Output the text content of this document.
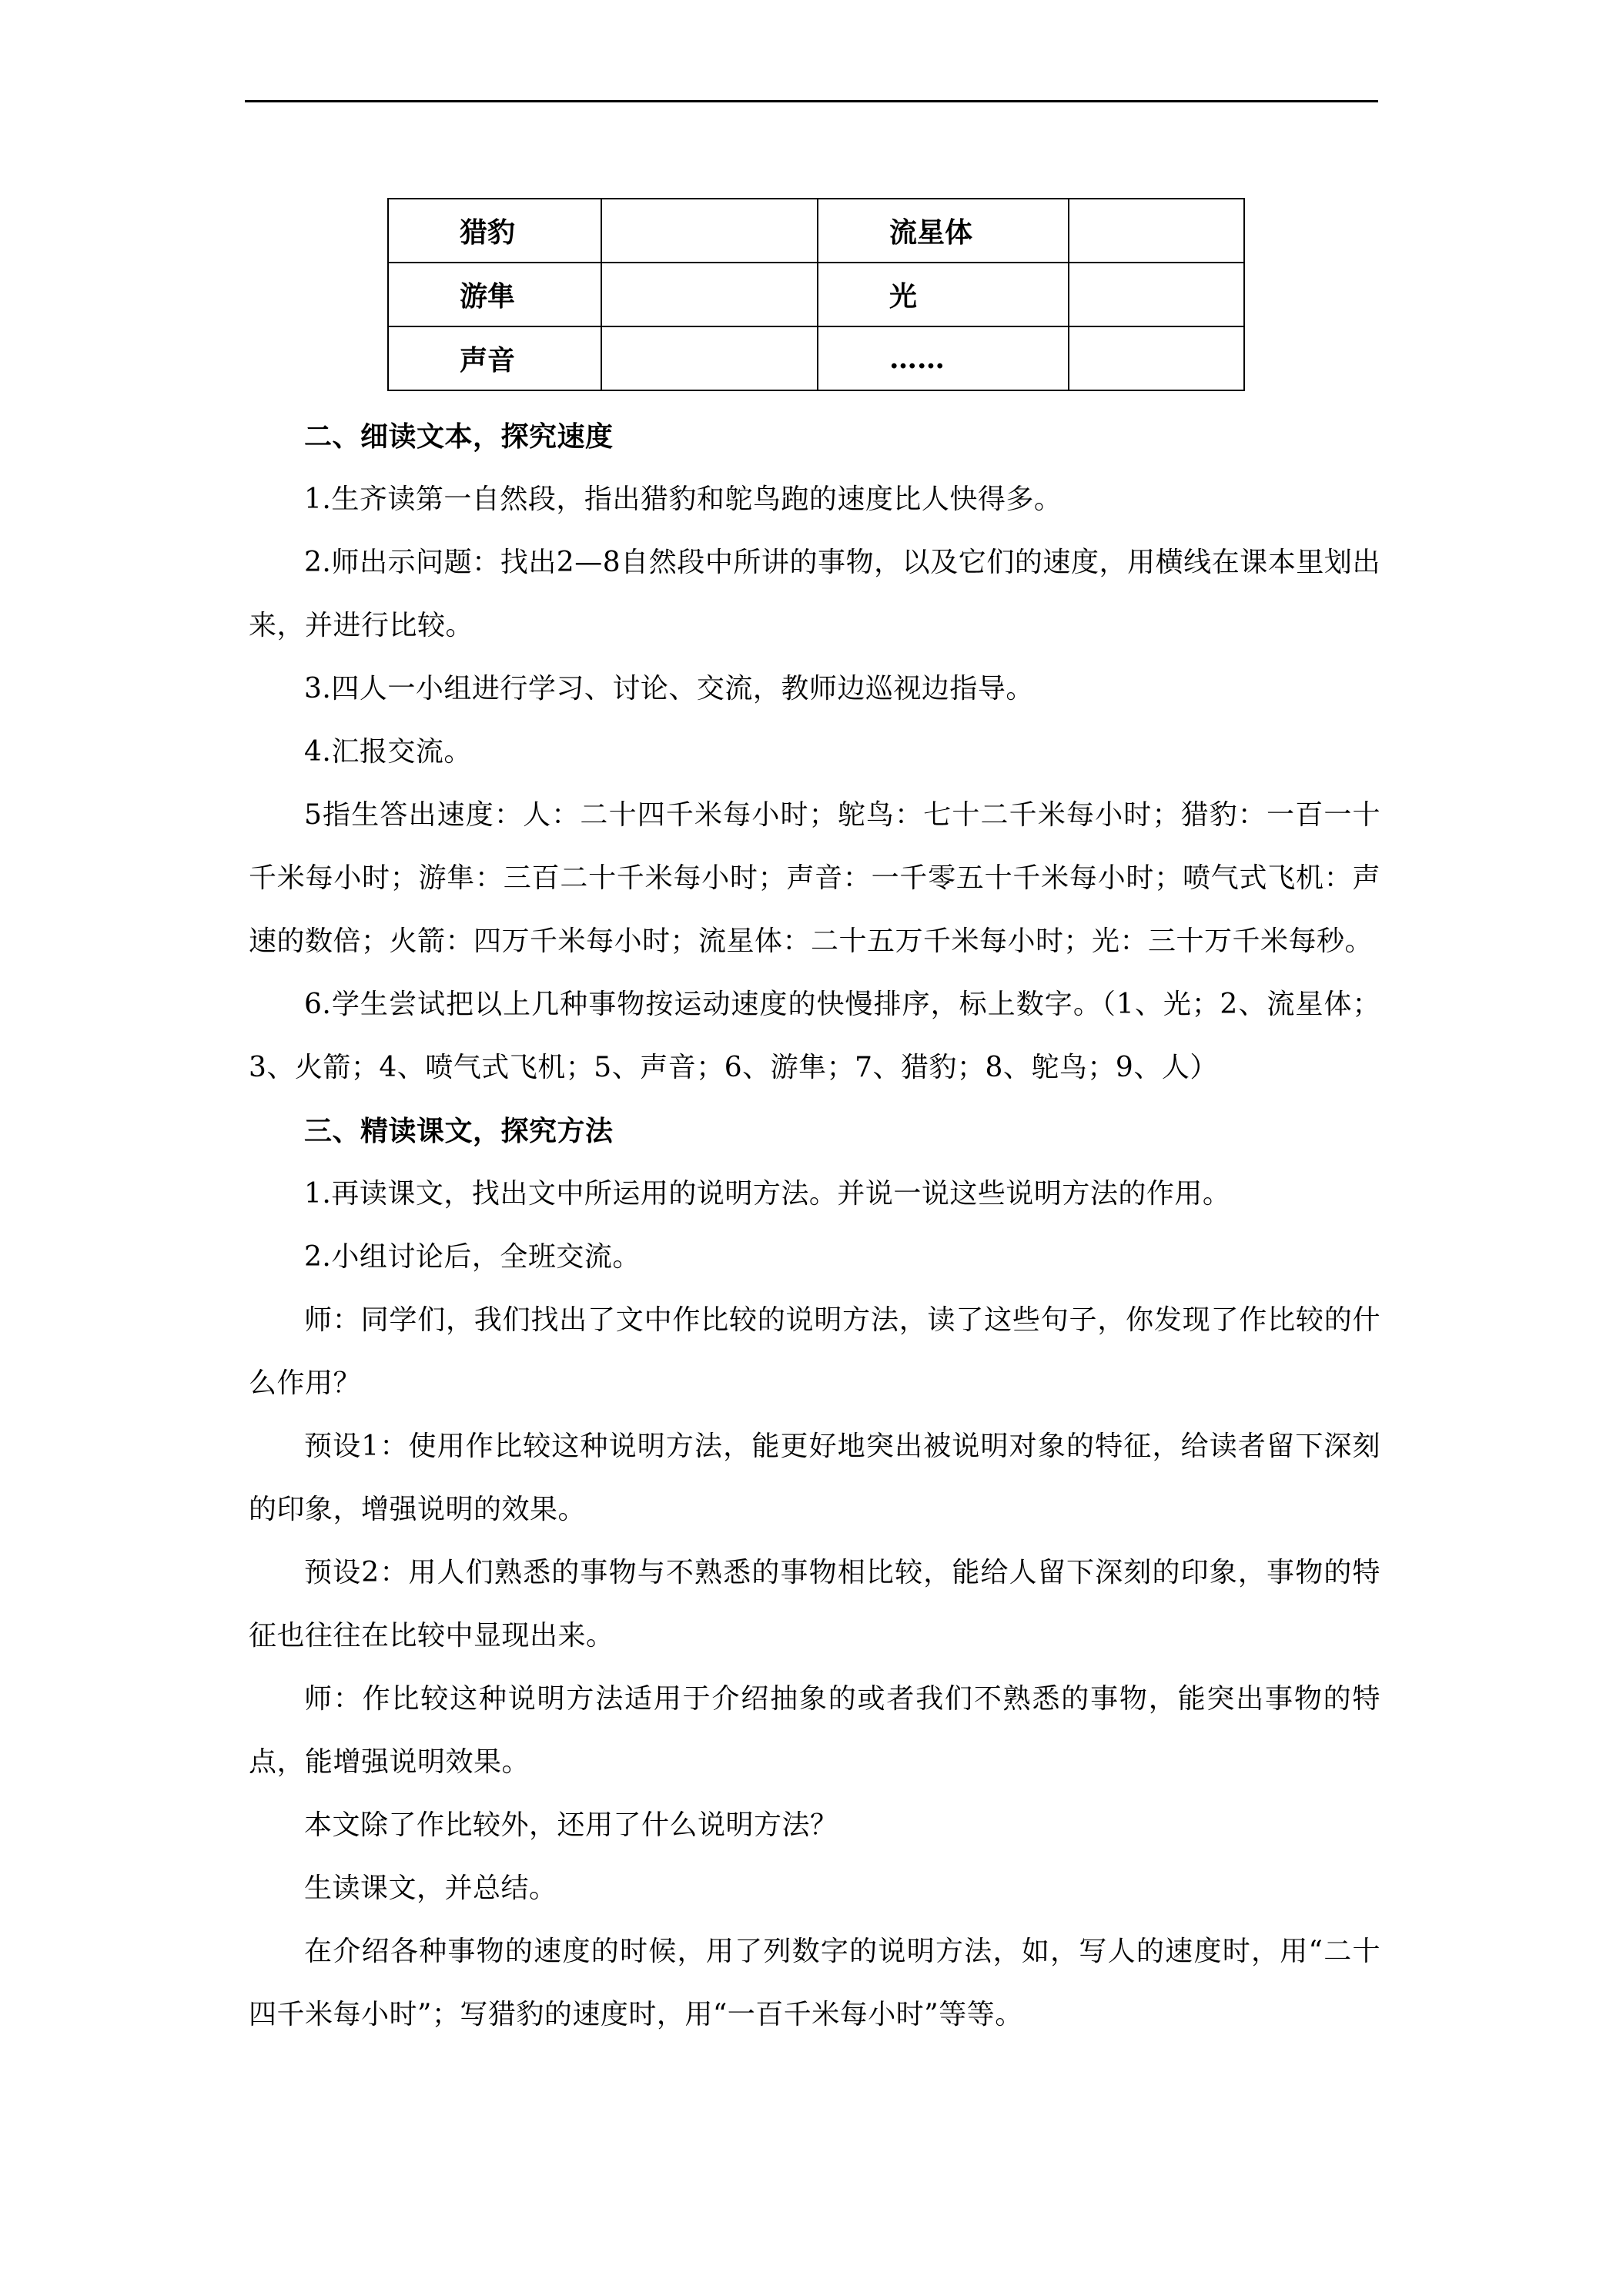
猎豹		流星体	
游隼		光	
声音		……	

二、细读文本，探究速度

1.生齐读第一自然段，指出猎豹和鸵鸟跑的速度比人快得多。

2.师出示问题：找出2—8自然段中所讲的事物，以及它们的速度，用横线在课本里划出来，并进行比较。

3.四人一小组进行学习、讨论、交流，教师边巡视边指导。

4.汇报交流。

5指生答出速度：人：二十四千米每小时；鸵鸟：七十二千米每小时；猎豹：一百一十千米每小时；游隼：三百二十千米每小时；声音：一千零五十千米每小时；喷气式飞机：声速的数倍；火箭：四万千米每小时；流星体：二十五万千米每小时；光：三十万千米每秒。

6.学生尝试把以上几种事物按运动速度的快慢排序，标上数字。（1、光；2、流星体；3、火箭；4、喷气式飞机；5、声音；6、游隼；7、猎豹；8、鸵鸟；9、人）

三、精读课文，探究方法

1.再读课文，找出文中所运用的说明方法。并说一说这些说明方法的作用。

2.小组讨论后，全班交流。

师：同学们，我们找出了文中作比较的说明方法，读了这些句子，你发现了作比较的什么作用？

预设1：使用作比较这种说明方法，能更好地突出被说明对象的特征，给读者留下深刻的印象，增强说明的效果。

预设2：用人们熟悉的事物与不熟悉的事物相比较，能给人留下深刻的印象，事物的特征也往往在比较中显现出来。

师：作比较这种说明方法适用于介绍抽象的或者我们不熟悉的事物，能突出事物的特点，能增强说明效果。

本文除了作比较外，还用了什么说明方法？

生读课文，并总结。

在介绍各种事物的速度的时候，用了列数字的说明方法，如，写人的速度时，用“二十四千米每小时”；写猎豹的速度时，用“一百千米每小时”等等。
